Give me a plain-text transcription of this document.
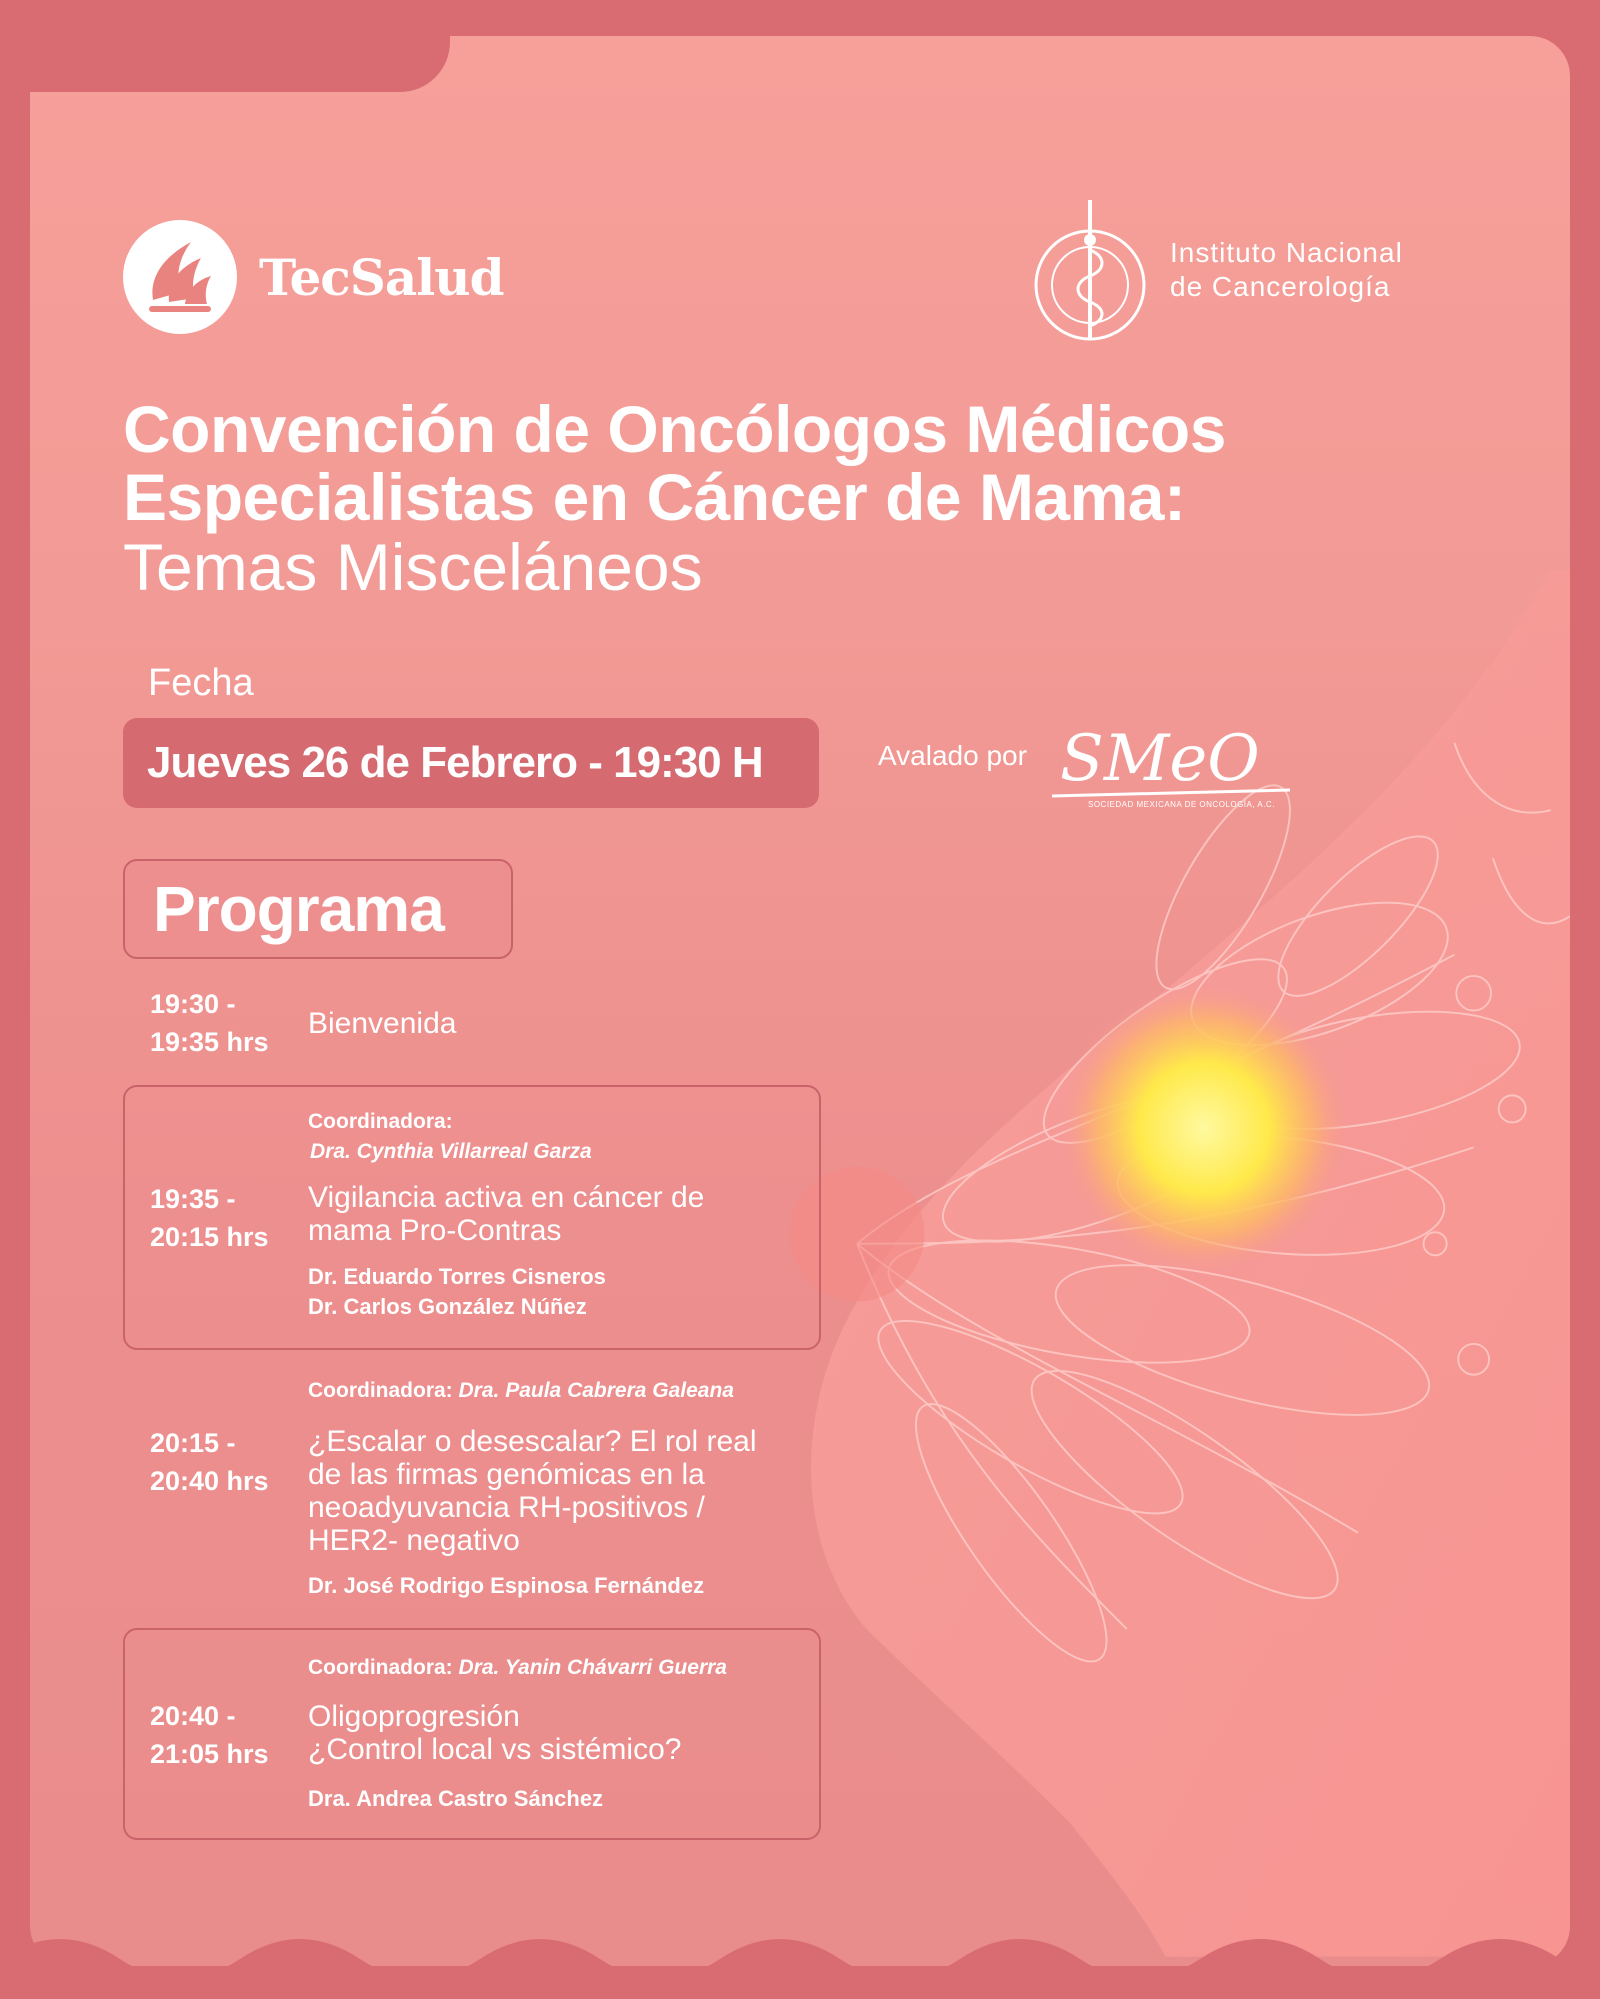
TecSalud	Instituto Nacional
de Cancerología
Convención de Oncólogos Médicos
Especialistas en Cáncer de Mama:
Temas Misceláneos
Fecha
Jueves 26 de Febrero - 19:30 H	Avalado por SMeO
SOCIEDAD MEXICANA DE ONCOLOGÍA, A.C.
Programa
19:30 -
19:35 hrs
Bienvenida
Coordinadora:
Dra. Cynthia Villarreal Garza
19:35 -
20:15 hrs
Vigilancia activa en cáncer de
mama Pro-Contras
Dr. Eduardo Torres Cisneros
Dr. Carlos González Núñez
Coordinadora: Dra. Paula Cabrera Galeana
20:15 -
20:40 hrs
¿Escalar o desescalar? El rol real
de las firmas genómicas en la
neoadyuvancia RH-positivos /
HER2- negativo
Dr. José Rodrigo Espinosa Fernández
Coordinadora: Dra. Yanin Chávarri Guerra
20:40 -
21:05 hrs
Oligoprogresión
¿Control local vs sistémico?
Dra. Andrea Castro Sánchez
